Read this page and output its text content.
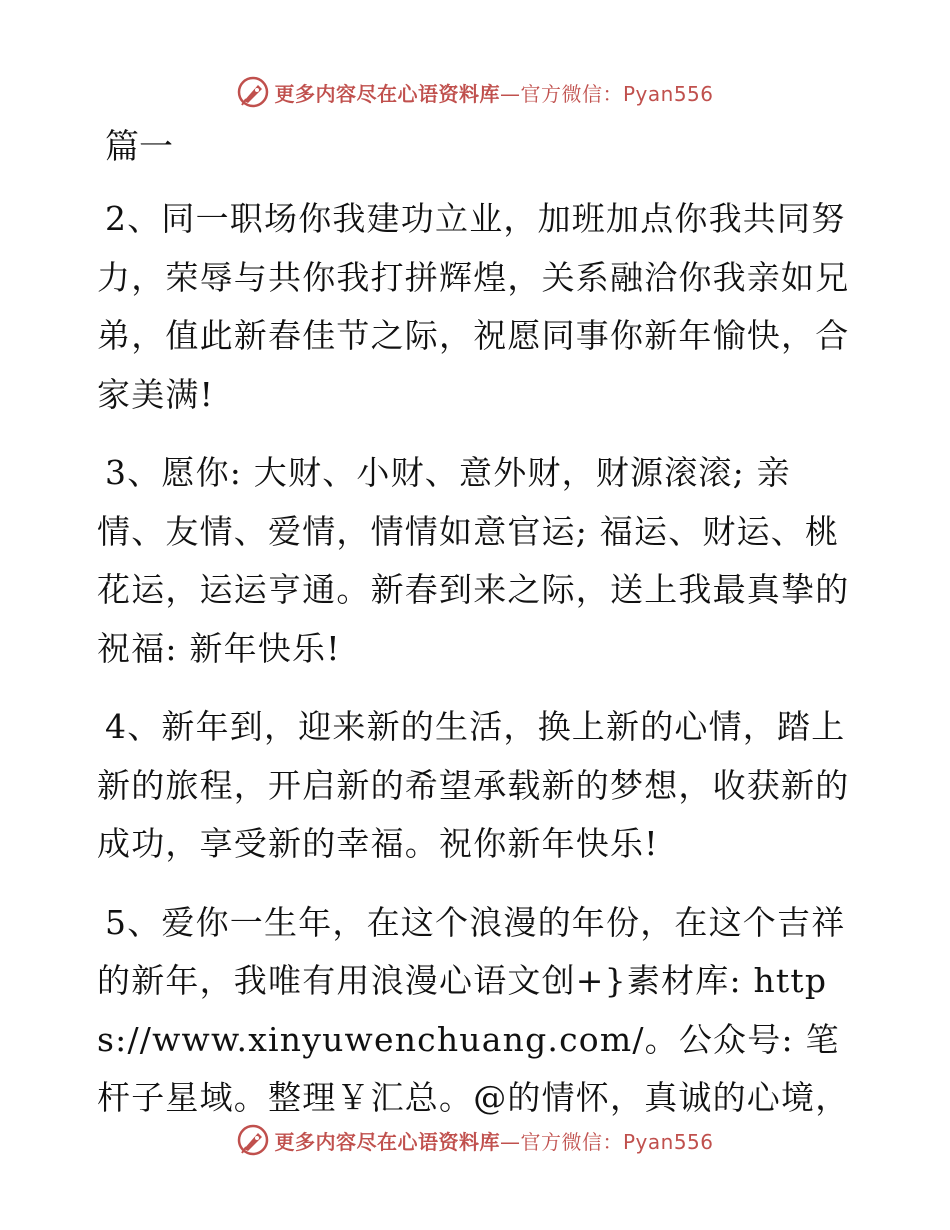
更多内容尽在心语资料库—官方微信：Pyan556
篇一

2、同一职场你我建功立业，加班加点你我共同努力，荣辱与共你我打拼辉煌，关系融洽你我亲如兄弟，值此新春佳节之际，祝愿同事你新年愉快，合家美满!

3、愿你: 大财、小财、意外财，财源滚滚; 亲情、友情、爱情，情情如意官运; 福运、财运、桃花运，运运亨通。新春到来之际，送上我最真挚的祝福: 新年快乐!

4、新年到，迎来新的生活，换上新的心情，踏上新的旅程，开启新的希望承载新的梦想，收获新的成功，享受新的幸福。祝你新年快乐!

5、爱你一生年，在这个浪漫的年份，在这个吉祥的新年，我唯有用浪漫心语文创+}素材库: https://www.xinyuwenchuang.com/。公众号: 笔杆子星域。整理￥汇总。@的情怀，真诚的心境，

更多内容尽在心语资料库—官方微信：Pyan556
